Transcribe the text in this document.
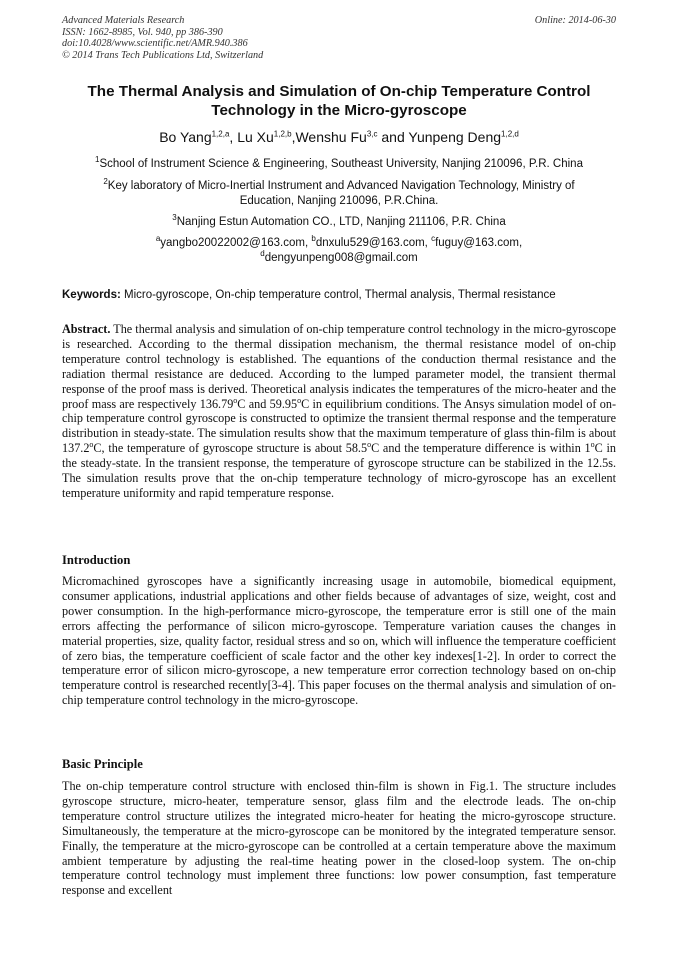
Advanced Materials Research
ISSN: 1662-8985, Vol. 940, pp 386-390
doi:10.4028/www.scientific.net/AMR.940.386
© 2014 Trans Tech Publications Ltd, Switzerland
Online: 2014-06-30
The Thermal Analysis and Simulation of On-chip Temperature Control
Technology in the Micro-gyroscope
Bo Yang$^{1,2,a}$, Lu Xu$^{1,2,b}$,Wenshu Fu$^{3,c}$ and Yunpeng Deng$^{1,2,d}$
$^1$School of Instrument Science & Engineering, Southeast University, Nanjing 210096, P.R. China
$^2$Key laboratory of Micro-Inertial Instrument and Advanced Navigation Technology, Ministry of
Education, Nanjing 210096, P.R.China.
$^3$Nanjing Estun Automation CO., LTD, Nanjing 211106, P.R. China
$^a$yangbo20022002@163.com, $^b$dnxulu529@163.com, $^c$fuguy@163.com,
$^d$dengyunpeng008@gmail.com
Keywords: Micro-gyroscope, On-chip temperature control, Thermal analysis, Thermal resistance
Abstract. The thermal analysis and simulation of on-chip temperature control technology in the micro-gyroscope is researched. According to the thermal dissipation mechanism, the thermal resistance model of on-chip temperature control technology is established. The equantions of the conduction thermal resistance and the radiation thermal resistance are deduced. According to the lumped parameter model, the transient thermal response of the proof mass is derived. Theoretical analysis indicates the temperatures of the micro-heater and the proof mass are respectively 136.79$^o$C and 59.95$^o$C in equilibrium conditions. The Ansys simulation model of on-chip temperature control gyroscope is constructed to optimize the transient thermal response and the temperature distribution in steady-state. The simulation results show that the maximum temperature of glass thin-film is about 137.2$^o$C, the temperature of gyroscope structure is about 58.5$^o$C and the temperature difference is within 1$^o$C in the steady-state. In the transient response, the temperature of gyroscope structure can be stabilized in the 12.5s. The simulation results prove that the on-chip temperature technology of micro-gyroscope has an excellent temperature uniformity and rapid temperature response.
Introduction
Micromachined gyroscopes have a significantly increasing usage in automobile, biomedical equipment, consumer applications, industrial applications and other fields because of advantages of size, weight, cost and power consumption. In the high-performance micro-gyroscope, the temperature error is still one of the main errors affecting the performance of silicon micro-gyroscope. Temperature variation causes the changes in material properties, size, quality factor, residual stress and so on, which will influence the temperature coefficient of zero bias, the temperature coefficient of scale factor and the other key indexes[1-2]. In order to correct the temperature error of silicon micro-gyroscope, a new temperature error correction technology based on on-chip temperature control is researched recently[3-4]. This paper focuses on the thermal analysis and simulation of on-chip temperature control technology in the micro-gyroscope.
Basic Principle
The on-chip temperature control structure with enclosed thin-film is shown in Fig.1. The structure includes gyroscope structure, micro-heater, temperature sensor, glass film and the electrode leads. The on-chip temperature control structure utilizes the integrated micro-heater for heating the micro-gyroscope structure. Simultaneously, the temperature at the micro-gyroscope can be monitored by the integrated temperature sensor. Finally, the temperature at the micro-gyroscope can be controlled at a certain temperature above the maximum ambient temperature by adjusting the real-time heating power in the closed-loop system. The on-chip temperature control technology must implement three functions: low power consumption, fast temperature response and excellent
